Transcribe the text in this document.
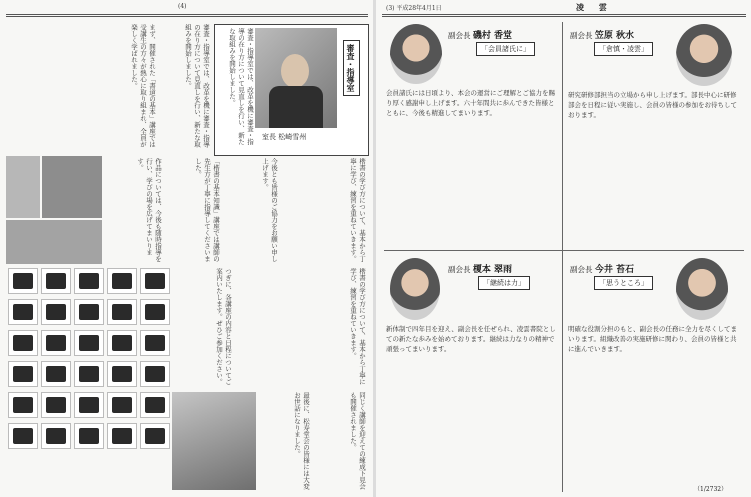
(4)

まず、開催された「書道の基本」講座では受講生の方々が熱心に取り組まれ、全員が楽しく学ばれました。	審査・指導室では、改革を機に審査・指導の在り方について見直しを行い、新たな取組みを開始しました。	審査・指導室では、改革を機に審査・指導の在り方について見直しを行い、新たな取組みを開始しました。	審査・指導室
室長 松崎雪州

作品については、今後も随時指導を行い、学びの場を広げてまいります。	「楷書の基本知識」講座では講師の先生方が丁寧に指導してくださいました。	今後とも皆様のご協力をお願い申し上げます。	楷書の学び方について、基本から丁寧に学び、練習を重ねていきます。

つぎに、各講座の内容と日程についてご案内いたします。ぜひご参加ください。	楷書の学び方について、基本から丁寧に学び、練習を重ねていきます。

最後に、松寿堂会の皆様には大変お世話になりました。	同じく講師を迎えての練成下見会も開催されました。

(3) 平成28年4月1日	凌 雲
副会長 磯村 香堂
「会員諸氏に」
会員諸氏には日頃より、本会の運営にご理解とご協力を賜り厚く感謝申し上げます。六十年間共に歩んできた皆様とともに、今後も精進してまいります。
副会長 笠原 秋水
「倉慎・凌雲」
研究研修部担当の立場から申し上げます。部長中心に研修部会を日程に従い実施し、会員の皆様の参加をお待ちしております。
副会長 榎本 翠雨
「継続は力」
新体制で四年目を迎え、副会長を任ぜられ、凌雲書院としての新たな歩みを始めております。継続は力なりの精神で頑張ってまいります。
副会長 今井 苔石
「思うところ」
明確な役割分担のもと、副会長の任務に全力を尽くしてまいります。組織改善の実施研修に関わり、会員の皆様と共に進んでいきます。
（1/2732）
